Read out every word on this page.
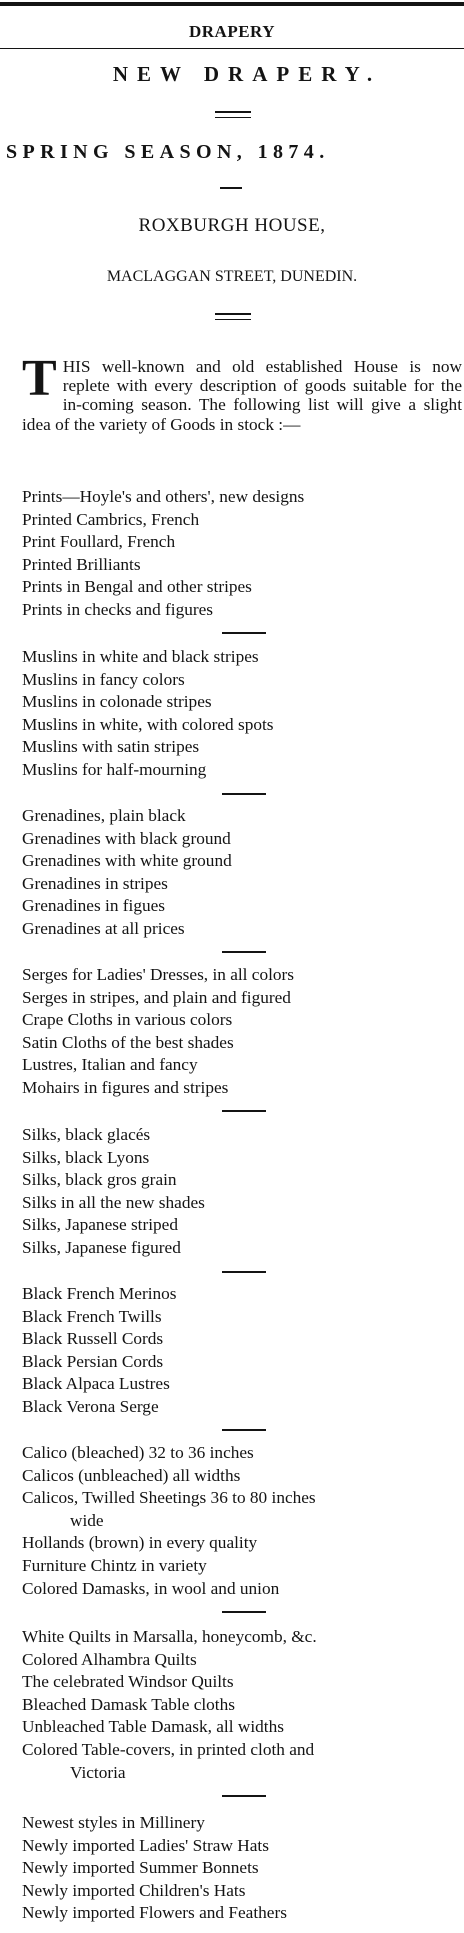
DRAPERY
NEW DRAPERY.
SPRING SEASON, 1874.
ROXBURGH HOUSE,
MACLAGGAN STREET, DUNEDIN.
THIS well-known and old established House is now replete with every description of goods suitable for the in-coming season. The following list will give a slight idea of the variety of Goods in stock :—
Prints—Hoyle's and others', new designs
Printed Cambrics, French
Print Foullard, French
Printed Brilliants
Prints in Bengal and other stripes
Prints in checks and figures
Muslins in white and black stripes
Muslins in fancy colors
Muslins in colonade stripes
Muslins in white, with colored spots
Muslins with satin stripes
Muslins for half-mourning
Grenadines, plain black
Grenadines with black ground
Grenadines with white ground
Grenadines in stripes
Grenadines in figues
Grenadines at all prices
Serges for Ladies' Dresses, in all colors
Serges in stripes, and plain and figured
Crape Cloths in various colors
Satin Cloths of the best shades
Lustres, Italian and fancy
Mohairs in figures and stripes
Silks, black glacés
Silks, black Lyons
Silks, black gros grain
Silks in all the new shades
Silks, Japanese striped
Silks, Japanese figured
Black French Merinos
Black French Twills
Black Russell Cords
Black Persian Cords
Black Alpaca Lustres
Black Verona Serge
Calico (bleached) 32 to 36 inches
Calicos (unbleached) all widths
Calicos, Twilled Sheetings 36 to 80 inches
wide
Hollands (brown) in every quality
Furniture Chintz in variety
Colored Damasks, in wool and union
White Quilts in Marsalla, honeycomb, &c.
Colored Alhambra Quilts
The celebrated Windsor Quilts
Bleached Damask Table cloths
Unbleached Table Damask, all widths
Colored Table-covers, in printed cloth and
Victoria
Newest styles in Millinery
Newly imported Ladies' Straw Hats
Newly imported Summer Bonnets
Newly imported Children's Hats
Newly imported Flowers and Feathers
